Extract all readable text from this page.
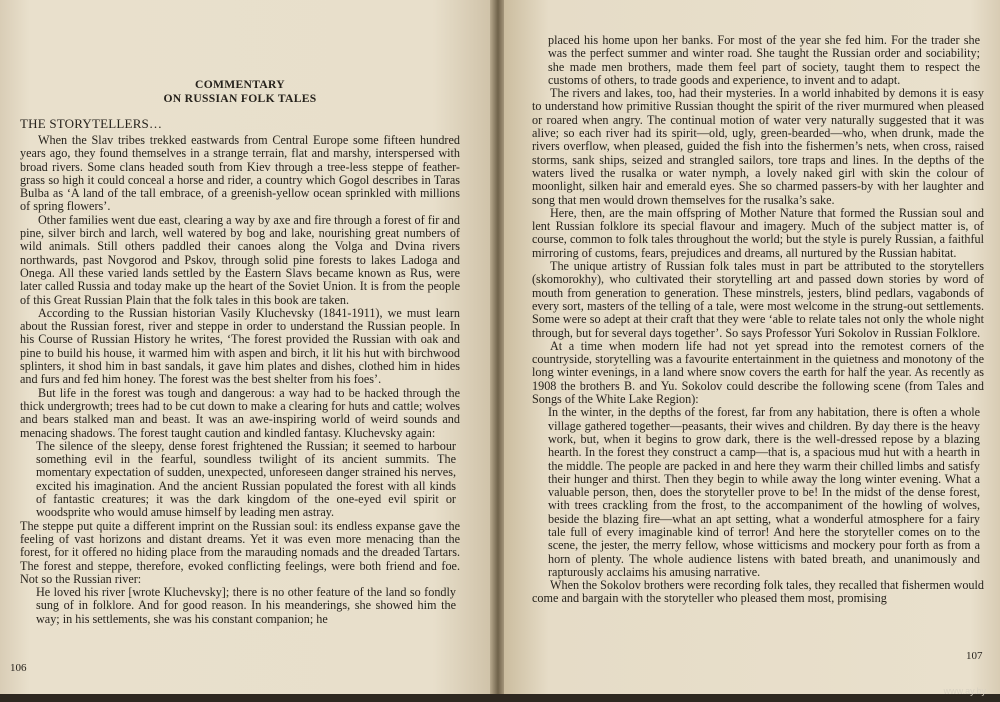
COMMENTARY
ON RUSSIAN FOLK TALES
THE STORYTELLERS…

When the Slav tribes trekked eastwards from Central Europe some fifteen hundred years ago, they found themselves in a strange terrain, flat and marshy, interspersed with broad rivers. Some clans headed south from Kiev through a tree-less steppe of feather-grass so high it could conceal a horse and rider, a country which Gogol describes in Taras Bulba as ‘A land of the tall embrace, of a greenish-yellow ocean sprinkled with millions of spring flowers’.

Other families went due east, clearing a way by axe and fire through a forest of fir and pine, silver birch and larch, well watered by bog and lake, nourishing great numbers of wild animals. Still others paddled their canoes along the Volga and Dvina rivers northwards, past Novgorod and Pskov, through solid pine forests to lakes Ladoga and Onega. All these varied lands settled by the Eastern Slavs became known as Rus, were later called Russia and today make up the heart of the Soviet Union. It is from the people of this Great Russian Plain that the folk tales in this book are taken.

According to the Russian historian Vasily Kluchevsky (1841-1911), we must learn about the Russian forest, river and steppe in order to understand the Russian people. In his Course of Russian History he writes, ‘The forest provided the Russian with oak and pine to build his house, it warmed him with aspen and birch, it lit his hut with birchwood splinters, it shod him in bast sandals, it gave him plates and dishes, clothed him in hides and furs and fed him honey. The forest was the best shelter from his foes’.

But life in the forest was tough and dangerous: a way had to be hacked through the thick undergrowth; trees had to be cut down to make a clearing for huts and cattle; wolves and bears stalked man and beast. It was an awe-inspiring world of weird sounds and menacing shadows. The forest taught caution and kindled fantasy. Kluchevsky again:

The silence of the sleepy, dense forest frightened the Russian; it seemed to harbour something evil in the fearful, soundless twilight of its ancient summits. The momentary expectation of sudden, unexpected, unforeseen danger strained his nerves, excited his imagination. And the ancient Russian populated the forest with all kinds of fantastic creatures; it was the dark kingdom of the one-eyed evil spirit or woodsprite who would amuse himself by leading men astray.

The steppe put quite a different imprint on the Russian soul: its endless expanse gave the feeling of vast horizons and distant dreams. Yet it was even more menacing than the forest, for it offered no hiding place from the marauding nomads and the dreaded Tartars. The forest and steppe, therefore, evoked conflicting feelings, were both friend and foe. Not so the Russian river:

He loved his river [wrote Kluchevsky]; there is no other feature of the land so fondly sung of in folklore. And for good reason. In his meanderings, she showed him the way; in his settlements, she was his constant companion; he

106

placed his home upon her banks. For most of the year she fed him. For the trader she was the perfect summer and winter road. She taught the Russian order and sociability; she made men brothers, made them feel part of society, taught them to respect the customs of others, to trade goods and experience, to invent and to adapt.

The rivers and lakes, too, had their mysteries. In a world inhabited by demons it is easy to understand how primitive Russian thought the spirit of the river murmured when pleased or roared when angry. The continual motion of water very naturally suggested that it was alive; so each river had its spirit—old, ugly, green-bearded—who, when drunk, made the rivers overflow, when pleased, guided the fish into the fishermen’s nets, when cross, raised storms, sank ships, seized and strangled sailors, tore traps and lines. In the depths of the waters lived the rusalka or water nymph, a lovely naked girl with skin the colour of moonlight, silken hair and emerald eyes. She so charmed passers-by with her laughter and song that men would drown themselves for the rusalka’s sake.

Here, then, are the main offspring of Mother Nature that formed the Russian soul and lent Russian folklore its special flavour and imagery. Much of the subject matter is, of course, common to folk tales throughout the world; but the style is purely Russian, a faithful mirroring of customs, fears, prejudices and dreams, all nurtured by the Russian habitat.

The unique artistry of Russian folk tales must in part be attributed to the storytellers (skomorokhy), who cultivated their storytelling art and passed down stories by word of mouth from generation to generation. These minstrels, jesters, blind pedlars, vagabonds of every sort, masters of the telling of a tale, were most welcome in the strung-out settlements. Some were so adept at their craft that they were ‘able to relate tales not only the whole night through, but for several days together’. So says Professor Yuri Sokolov in Russian Folklore.

At a time when modern life had not yet spread into the remotest corners of the countryside, storytelling was a favourite entertainment in the quietness and monotony of the long winter evenings, in a land where snow covers the earth for half the year. As recently as 1908 the brothers B. and Yu. Sokolov could describe the following scene (from Tales and Songs of the White Lake Region):

In the winter, in the depths of the forest, far from any habitation, there is often a whole village gathered together—peasants, their wives and children. By day there is the heavy work, but, when it begins to grow dark, there is the well-dressed repose by a blazing hearth. In the forest they construct a camp—that is, a spacious mud hut with a hearth in the middle. The people are packed in and here they warm their chilled limbs and satisfy their hunger and thirst. Then they begin to while away the long winter evening. What a valuable person, then, does the storyteller prove to be! In the midst of the dense forest, with trees crackling from the frost, to the accompaniment of the howling of wolves, beside the blazing fire—what an apt setting, what a wonderful atmosphere for a fairy tale full of every imaginable kind of terror! And here the storyteller comes on to the scene, the jester, the merry fellow, whose witticisms and mockery pour forth as from a horn of plenty. The whole audience listens with bated breath, and unanimously and rapturously acclaims his amusing narrative.

When the Sokolov brothers were recording folk tales, they recalled that fishermen would come and bargain with the storyteller who pleased them most, promising

107
www.ay.by
